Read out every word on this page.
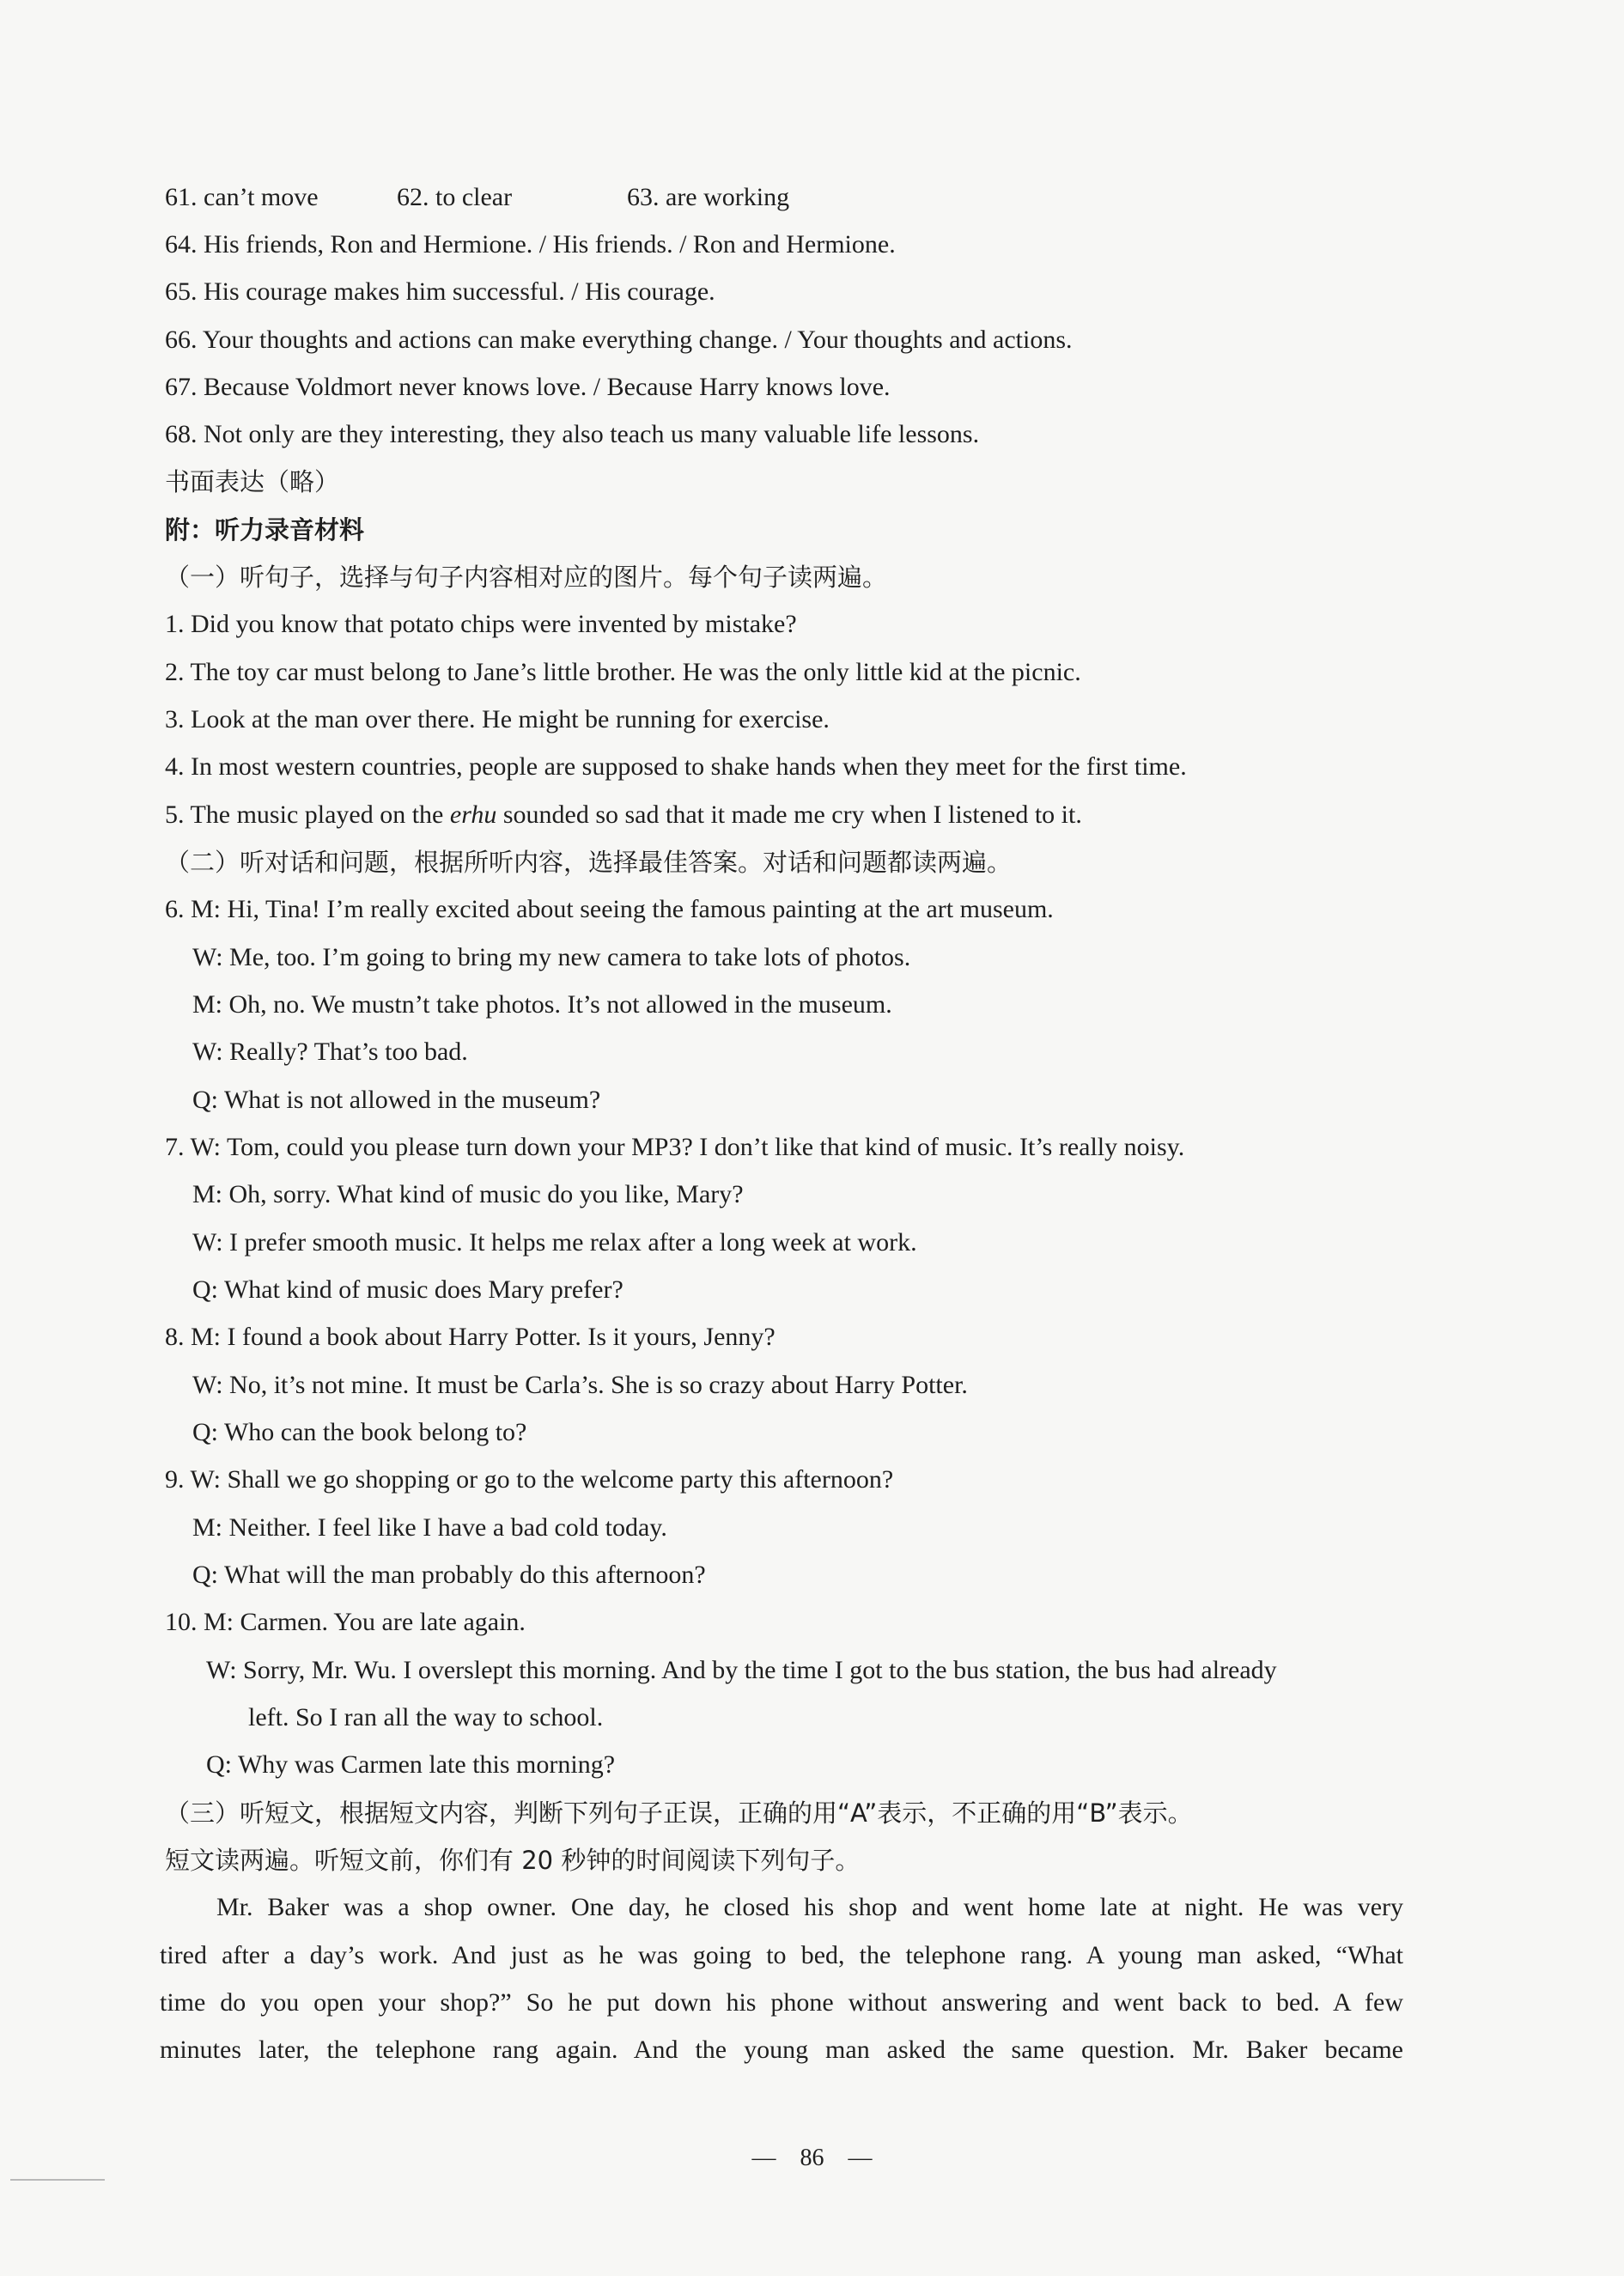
61. can’t move	62. to clear	63. are working
64. His friends, Ron and Hermione. / His friends. / Ron and Hermione.
65. His courage makes him successful. / His courage.
66. Your thoughts and actions can make everything change. / Your thoughts and actions.
67. Because Voldmort never knows love. / Because Harry knows love.
68. Not only are they interesting, they also teach us many valuable life lessons.
书面表达（略）
附：听力录音材料
（一）听句子，选择与句子内容相对应的图片。每个句子读两遍。
1. Did you know that potato chips were invented by mistake?
2. The toy car must belong to Jane’s little brother. He was the only little kid at the picnic.
3. Look at the man over there. He might be running for exercise.
4. In most western countries, people are supposed to shake hands when they meet for the first time.
5. The music played on the erhu sounded so sad that it made me cry when I listened to it.
（二）听对话和问题，根据所听内容，选择最佳答案。对话和问题都读两遍。
6. M: Hi, Tina! I’m really excited about seeing the famous painting at the art museum.
W: Me, too. I’m going to bring my new camera to take lots of photos.
M: Oh, no. We mustn’t take photos. It’s not allowed in the museum.
W: Really? That’s too bad.
Q: What is not allowed in the museum?
7. W: Tom, could you please turn down your MP3? I don’t like that kind of music. It’s really noisy.
M: Oh, sorry. What kind of music do you like, Mary?
W: I prefer smooth music. It helps me relax after a long week at work.
Q: What kind of music does Mary prefer?
8. M: I found a book about Harry Potter. Is it yours, Jenny?
W: No, it’s not mine. It must be Carla’s. She is so crazy about Harry Potter.
Q: Who can the book belong to?
9. W: Shall we go shopping or go to the welcome party this afternoon?
M: Neither. I feel like I have a bad cold today.
Q: What will the man probably do this afternoon?
10. M: Carmen. You are late again.
W: Sorry, Mr. Wu. I overslept this morning. And by the time I got to the bus station, the bus had already
left. So I ran all the way to school.
Q: Why was Carmen late this morning?
（三）听短文，根据短文内容，判断下列句子正误，正确的用“A”表示，不正确的用“B”表示。
短文读两遍。听短文前，你们有 20 秒钟的时间阅读下列句子。
Mr. Baker was a shop owner. One day, he closed his shop and went home late at night. He was very
tired after a day’s work. And just as he was going to bed, the telephone rang. A young man asked, “What
time do you open your shop?” So he put down his phone without answering and went back to bed. A few
minutes later, the telephone rang again. And the young man asked the same question. Mr. Baker became
—　86　—
